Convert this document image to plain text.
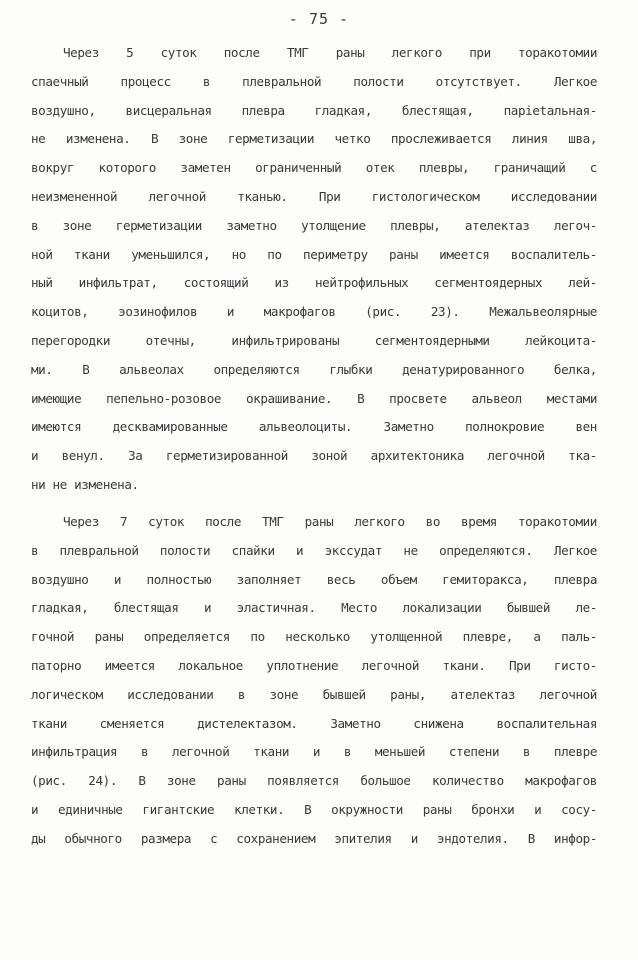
- 75 -
Через 5 суток после ТМГ раны легкого при торакотомии
спаечный процесс в плевральной полости отсутствует. Легкое
воздушно, висцеральная плевра гладкая, блестящая, парietальная-
не изменена. В зоне герметизации четко прослеживается линия шва,
вокруг которого заметен ограниченный отек плевры, граничащий с
неизмененной легочной тканью. При гистологическом исследовании
в зоне герметизации заметно утолщение плевры, ателектаз легоч-
ной ткани уменьшился, но по периметру раны имеется воспалитель-
ный инфильтрат, состоящий из нейтрофильных сегментоядерных лей-
коцитов, эозинофилов и макрофагов (рис. 23). Межальвеолярные
перегородки отечны, инфильтрированы сегментоядерными лейкоцита-
ми. В альвеолах определяются глыбки денатурированного белка,
имеющие пепельно-розовое окрашивание. В просвете альвеол местами
имеются десквамированные альвеолоциты. Заметно полнокровие вен
и венул. За герметизированной зоной архитектоника легочной тка-
ни не изменена.
Через 7 суток после ТМГ раны легкого во время торакотомии
в плевральной полости спайки и экссудат не определяются. Легкое
воздушно и полностью заполняет весь объем гемиторакса, плевра
гладкая, блестящая и эластичная. Место локализации бывшей ле-
гочной раны определяется по несколько утолщенной плевре, а паль-
паторно имеется локальное уплотнение легочной ткани. При гисто-
логическом исследовании в зоне бывшей раны, ателектаз легочной
ткани сменяется дистелектазом. Заметно снижена воспалительная
инфильтрация в легочной ткани и в меньшей степени в плевре
(рис. 24). В зоне раны появляется большое количество макрофагов
и единичные гигантские клетки. В окружности раны бронхи и сосу-
ды обычного размера с сохранением эпителия и эндотелия. В инфор-
